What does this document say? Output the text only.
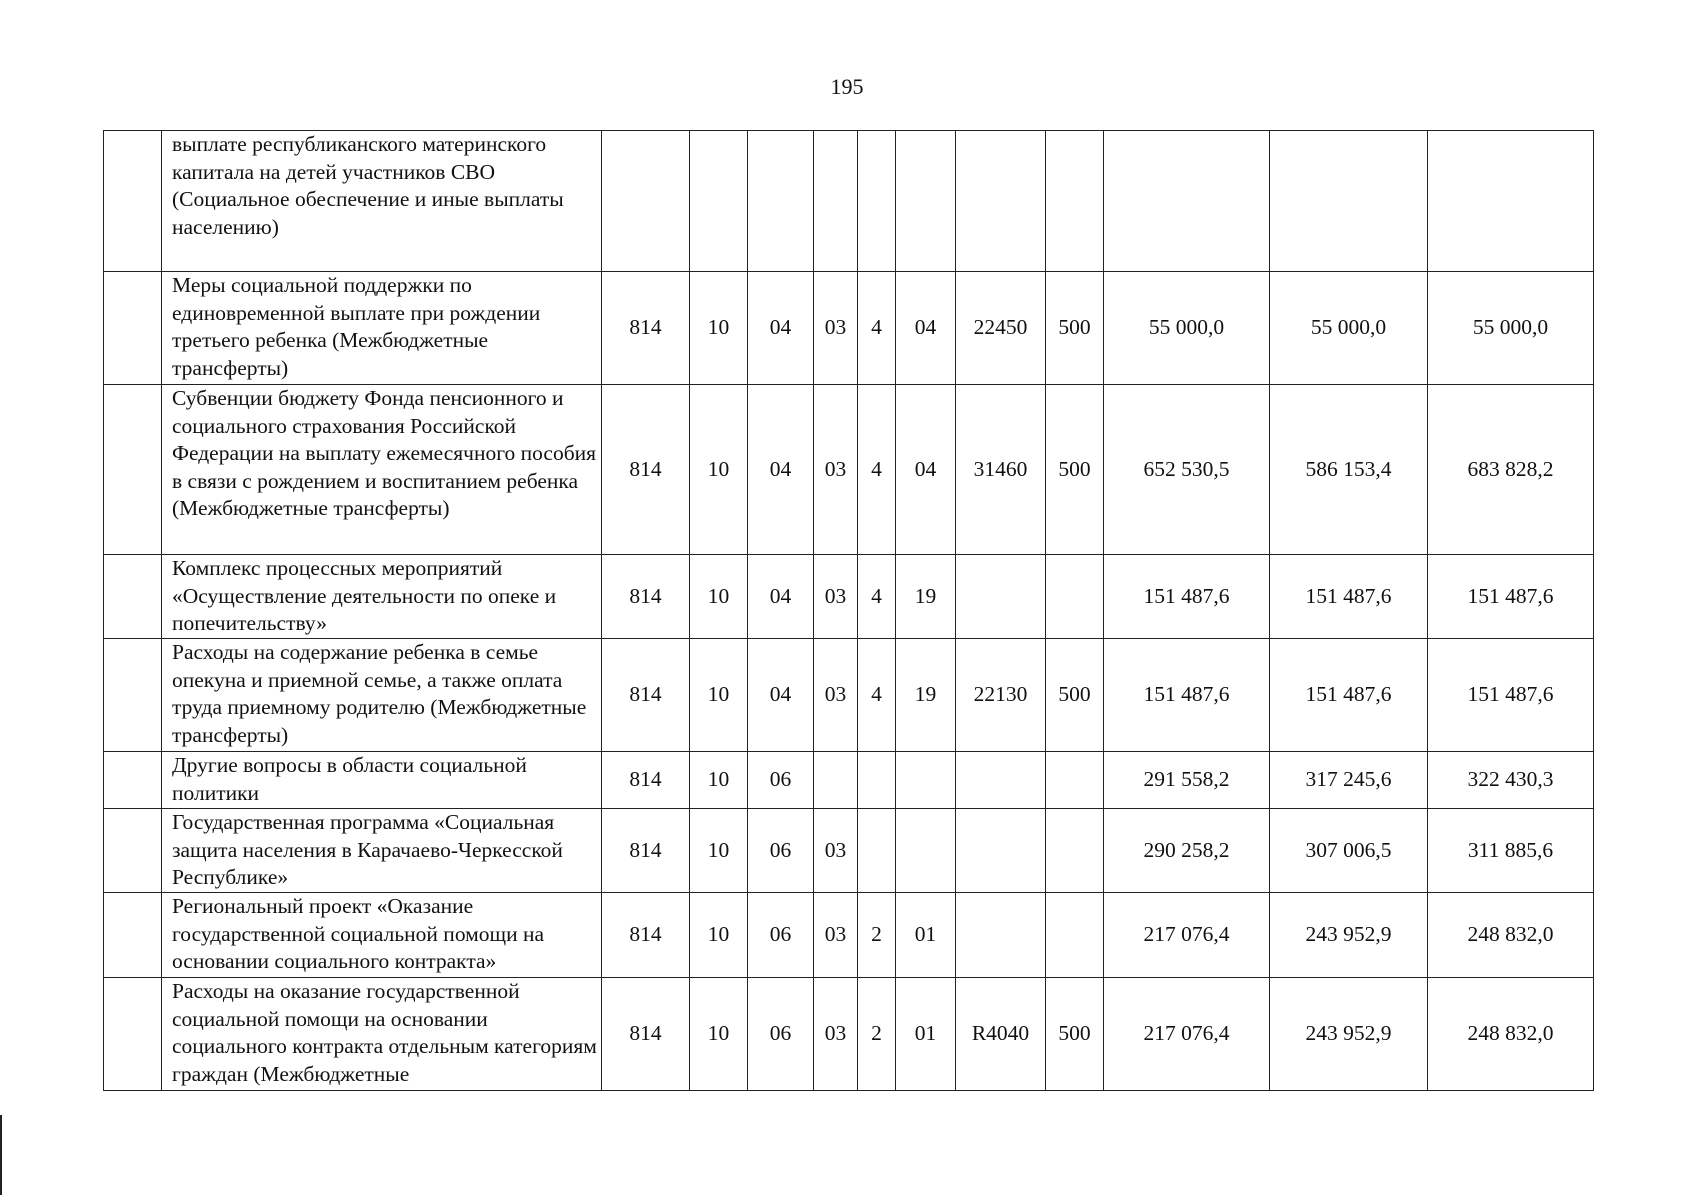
195
	выплате республиканского материнского капитала на детей участников СВО (Социальное обеспечение и иные выплаты населению)											
	Меры социальной поддержки по единовременной выплате при рождении третьего ребенка (Межбюджетные трансферты)	814	10	04	03	4	04	22450	500	55 000,0	55 000,0	55 000,0
	Субвенции бюджету Фонда пенсионного и социального страхования Российской Федерации на выплату ежемесячного пособия в связи с рождением и воспитанием ребенка (Межбюджетные трансферты)	814	10	04	03	4	04	31460	500	652 530,5	586 153,4	683 828,2
	Комплекс процессных мероприятий «Осуществление деятельности по опеке и попечительству»	814	10	04	03	4	19			151 487,6	151 487,6	151 487,6
	Расходы на содержание ребенка в семье опекуна и приемной семье, а также оплата труда приемному родителю (Межбюджетные трансферты)	814	10	04	03	4	19	22130	500	151 487,6	151 487,6	151 487,6
	Другие вопросы в области социальной политики	814	10	06						291 558,2	317 245,6	322 430,3
	Государственная программа «Социальная защита населения в Карачаево-Черкесской Республике»	814	10	06	03					290 258,2	307 006,5	311 885,6
	Региональный проект «Оказание государственной социальной помощи на основании социального контракта»	814	10	06	03	2	01			217 076,4	243 952,9	248 832,0
	Расходы на оказание государственной социальной помощи на основании социального контракта отдельным категориям граждан (Межбюджетные	814	10	06	03	2	01	R4040	500	217 076,4	243 952,9	248 832,0
